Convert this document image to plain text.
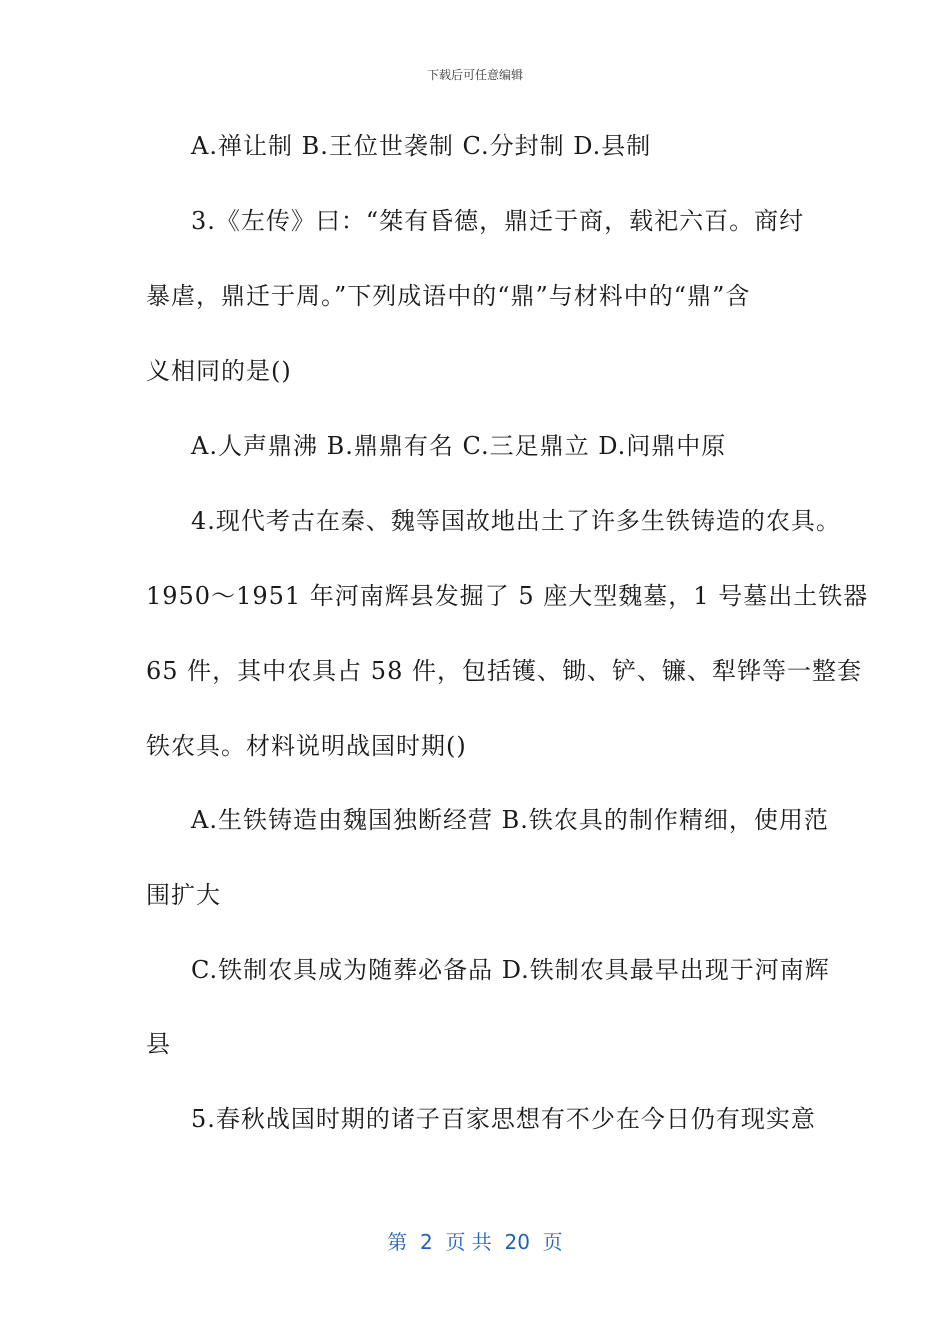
下载后可任意编辑
A.禅让制 B.王位世袭制 C.分封制 D.县制
3.《左传》曰：“桀有昏德，鼎迁于商，载祀六百。商纣
暴虐，鼎迁于周。”下列成语中的“鼎”与材料中的“鼎”含
义相同的是()
A.人声鼎沸 B.鼎鼎有名 C.三足鼎立 D.问鼎中原
4.现代考古在秦、魏等国故地出土了许多生铁铸造的农具。
1950～1951 年河南辉县发掘了 5 座大型魏墓，1 号墓出土铁器
65 件，其中农具占 58 件，包括镬、锄、铲、镰、犁铧等一整套
铁农具。材料说明战国时期()
A.生铁铸造由魏国独断经营 B.铁农具的制作精细，使用范
围扩大
C.铁制农具成为随葬必备品 D.铁制农具最早出现于河南辉
县
5.春秋战国时期的诸子百家思想有不少在今日仍有现实意
第  2  页 共  20  页
